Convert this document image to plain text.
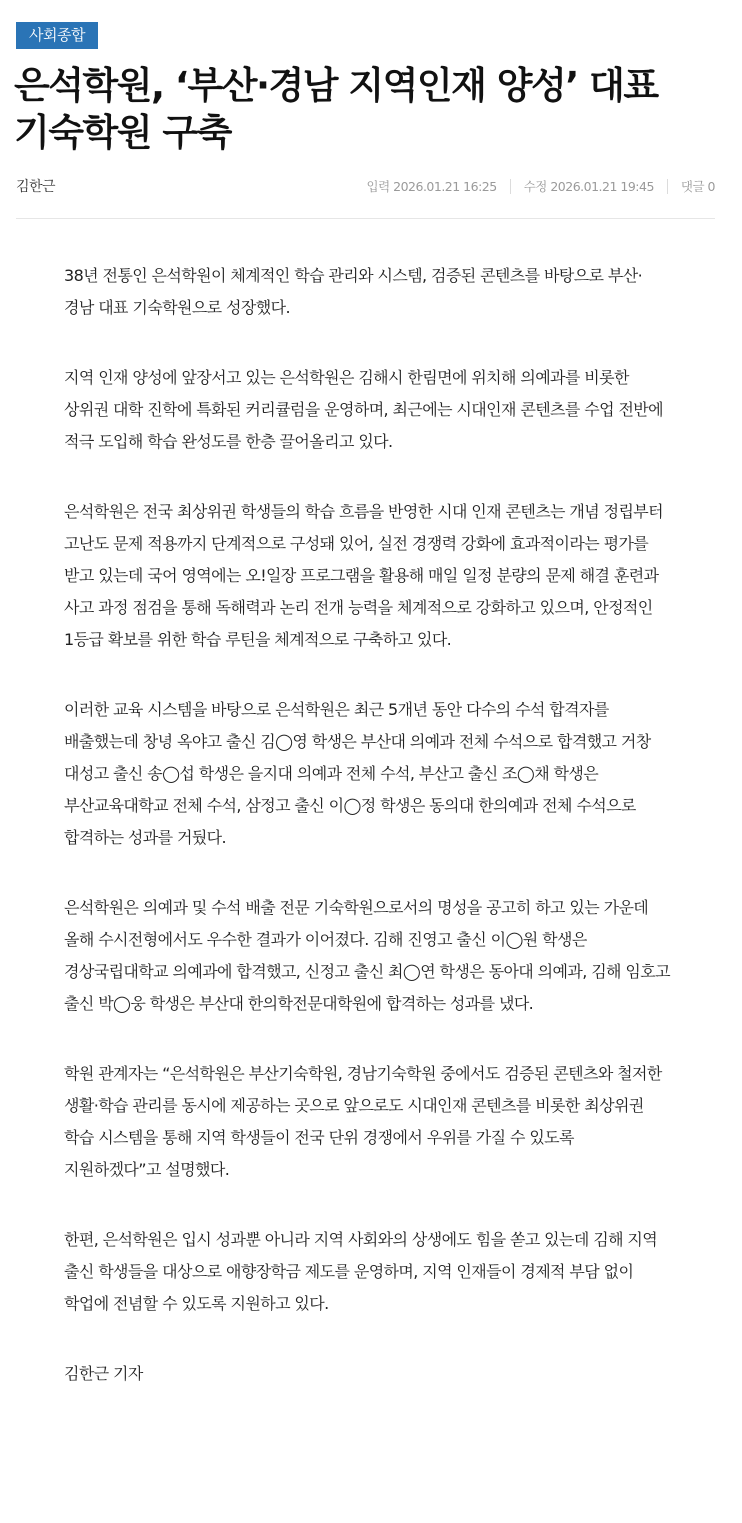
사회종합
은석학원, ‘부산·경남 지역인재 양성’ 대표 기숙학원 구축
김한근	입력 2026.01.21 16:25 수정 2026.01.21 19:45 댓글 0

38년 전통인 은석학원이 체계적인 학습 관리와 시스템, 검증된 콘텐츠를 바탕으로 부산·경남 대표 기숙학원으로 성장했다.

지역 인재 양성에 앞장서고 있는 은석학원은 김해시 한림면에 위치해 의예과를 비롯한 상위권 대학 진학에 특화된 커리큘럼을 운영하며, 최근에는 시대인재 콘텐츠를 수업 전반에 적극 도입해 학습 완성도를 한층 끌어올리고 있다.

은석학원은 전국 최상위권 학생들의 학습 흐름을 반영한 시대 인재 콘텐츠는 개념 정립부터 고난도 문제 적용까지 단계적으로 구성돼 있어, 실전 경쟁력 강화에 효과적이라는 평가를 받고 있는데 국어 영역에는 오!일장 프로그램을 활용해 매일 일정 분량의 문제 해결 훈련과 사고 과정 점검을 통해 독해력과 논리 전개 능력을 체계적으로 강화하고 있으며, 안정적인 1등급 확보를 위한 학습 루틴을 체계적으로 구축하고 있다.

이러한 교육 시스템을 바탕으로 은석학원은 최근 5개년 동안 다수의 수석 합격자를 배출했는데 창녕 옥야고 출신 김◯영 학생은 부산대 의예과 전체 수석으로 합격했고 거창 대성고 출신 송◯섭 학생은 을지대 의예과 전체 수석, 부산고 출신 조◯채 학생은 부산교육대학교 전체 수석, 삼정고 출신 이◯정 학생은 동의대 한의예과 전체 수석으로 합격하는 성과를 거뒀다.

은석학원은 의예과 및 수석 배출 전문 기숙학원으로서의 명성을 공고히 하고 있는 가운데 올해 수시전형에서도 우수한 결과가 이어졌다. 김해 진영고 출신 이◯원 학생은 경상국립대학교 의예과에 합격했고, 신정고 출신 최◯연 학생은 동아대 의예과, 김해 임호고 출신 박◯웅 학생은 부산대 한의학전문대학원에 합격하는 성과를 냈다.

학원 관계자는 “은석학원은 부산기숙학원, 경남기숙학원 중에서도 검증된 콘텐츠와 철저한 생활·학습 관리를 동시에 제공하는 곳으로 앞으로도 시대인재 콘텐츠를 비롯한 최상위권 학습 시스템을 통해 지역 학생들이 전국 단위 경쟁에서 우위를 가질 수 있도록 지원하겠다”고 설명했다.

한편, 은석학원은 입시 성과뿐 아니라 지역 사회와의 상생에도 힘을 쏟고 있는데 김해 지역 출신 학생들을 대상으로 애향장학금 제도를 운영하며, 지역 인재들이 경제적 부담 없이 학업에 전념할 수 있도록 지원하고 있다.

김한근 기자
